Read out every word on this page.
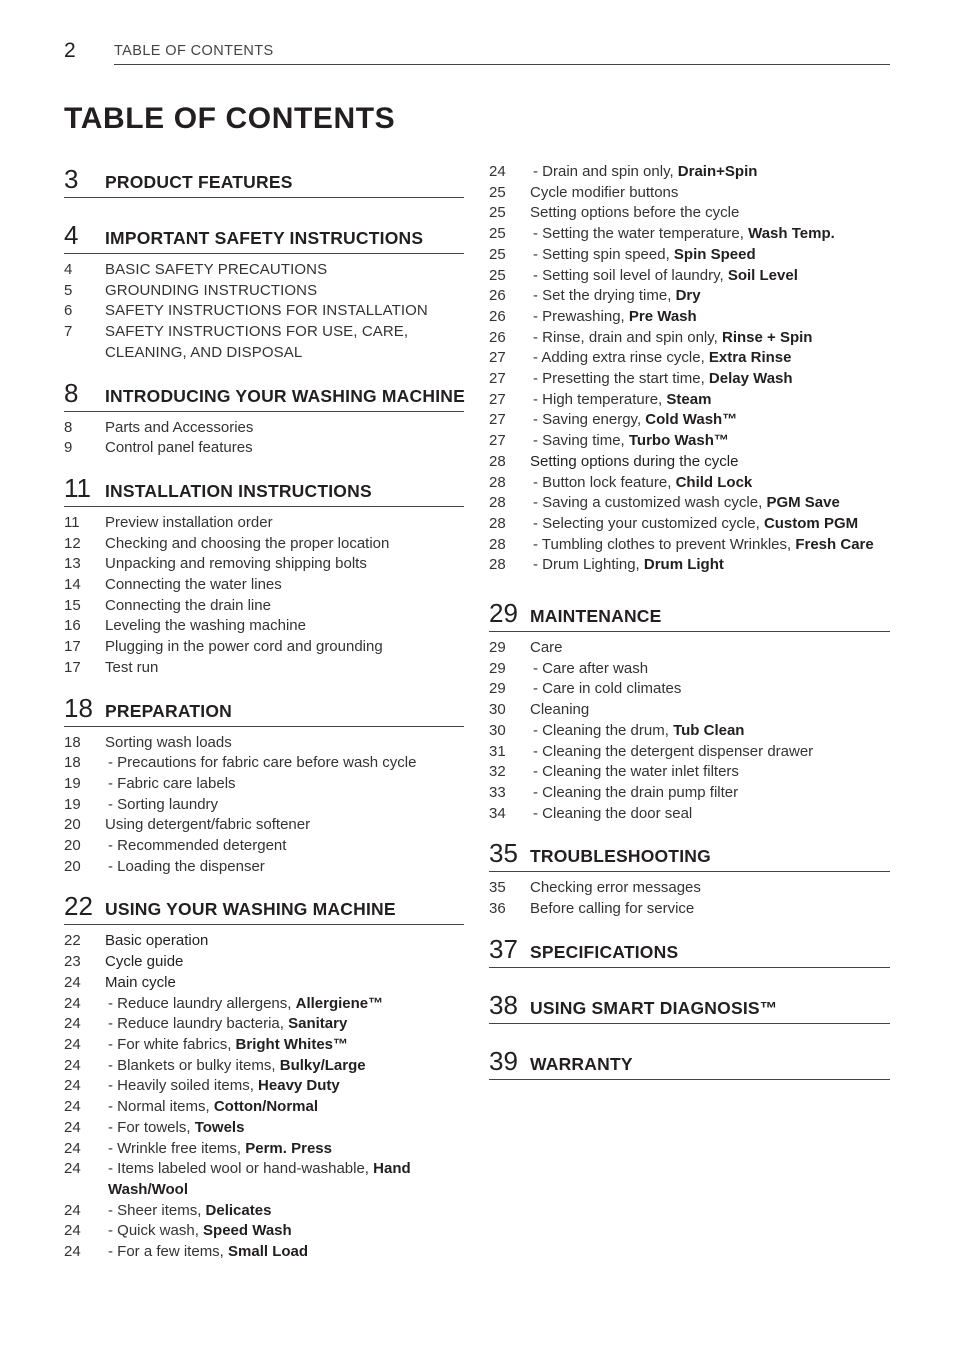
2	TABLE OF CONTENTS
TABLE OF CONTENTS
3 PRODUCT FEATURES
4 IMPORTANT SAFETY INSTRUCTIONS
4	BASIC SAFETY PRECAUTIONS
5	GROUNDING INSTRUCTIONS
6	SAFETY INSTRUCTIONS FOR INSTALLATION
7	SAFETY INSTRUCTIONS FOR USE, CARE, CLEANING, AND DISPOSAL
8 INTRODUCING YOUR WASHING MACHINE
8	Parts and Accessories
9	Control panel features
11 INSTALLATION INSTRUCTIONS
11	Preview installation order
12	Checking and choosing the proper location
13	Unpacking and removing shipping bolts
14	Connecting the water lines
15	Connecting the drain line
16	Leveling the washing machine
17	Plugging in the power cord and grounding
17	Test run
18 PREPARATION
18	Sorting wash loads
18	- Precautions for fabric care before wash cycle
19	- Fabric care labels
19	- Sorting laundry
20	Using detergent/fabric softener
20	- Recommended detergent
20	- Loading the dispenser
22 USING YOUR WASHING MACHINE
22	Basic operation
23	Cycle guide
24	Main cycle
24	- Reduce laundry allergens, Allergiene™
24	- Reduce laundry bacteria, Sanitary
24	- For white fabrics, Bright Whites™
24	- Blankets or bulky items, Bulky/Large
24	- Heavily soiled items, Heavy Duty
24	- Normal items, Cotton/Normal
24	- For towels, Towels
24	- Wrinkle free items, Perm. Press
24	- Items labeled wool or hand-washable, Hand Wash/Wool
24	- Sheer items, Delicates
24	- Quick wash, Speed Wash
24	- For a few items, Small Load
24	- Drain and spin only, Drain+Spin
25	Cycle modifier buttons
25	Setting options before the cycle
25	- Setting the water temperature, Wash Temp.
25	- Setting spin speed, Spin Speed
25	- Setting soil level of laundry, Soil Level
26	- Set the drying time, Dry
26	- Prewashing, Pre Wash
26	- Rinse, drain and spin only, Rinse + Spin
27	- Adding extra rinse cycle, Extra Rinse
27	- Presetting the start time, Delay Wash
27	- High temperature, Steam
27	- Saving energy, Cold Wash™
27	- Saving time, Turbo Wash™
28	Setting options during the cycle
28	- Button lock feature, Child Lock
28	- Saving a customized wash cycle, PGM Save
28	- Selecting your customized cycle, Custom PGM
28	- Tumbling clothes to prevent Wrinkles, Fresh Care
28	- Drum Lighting, Drum Light
29 MAINTENANCE
29	Care
29	- Care after wash
29	- Care in cold climates
30	Cleaning
30	- Cleaning the drum, Tub Clean
31	- Cleaning the detergent dispenser drawer
32	- Cleaning the water inlet filters
33	- Cleaning the drain pump filter
34	- Cleaning the door seal
35 TROUBLESHOOTING
35	Checking error messages
36	Before calling for service
37 SPECIFICATIONS
38 USING SMART DIAGNOSIS™
39 WARRANTY
